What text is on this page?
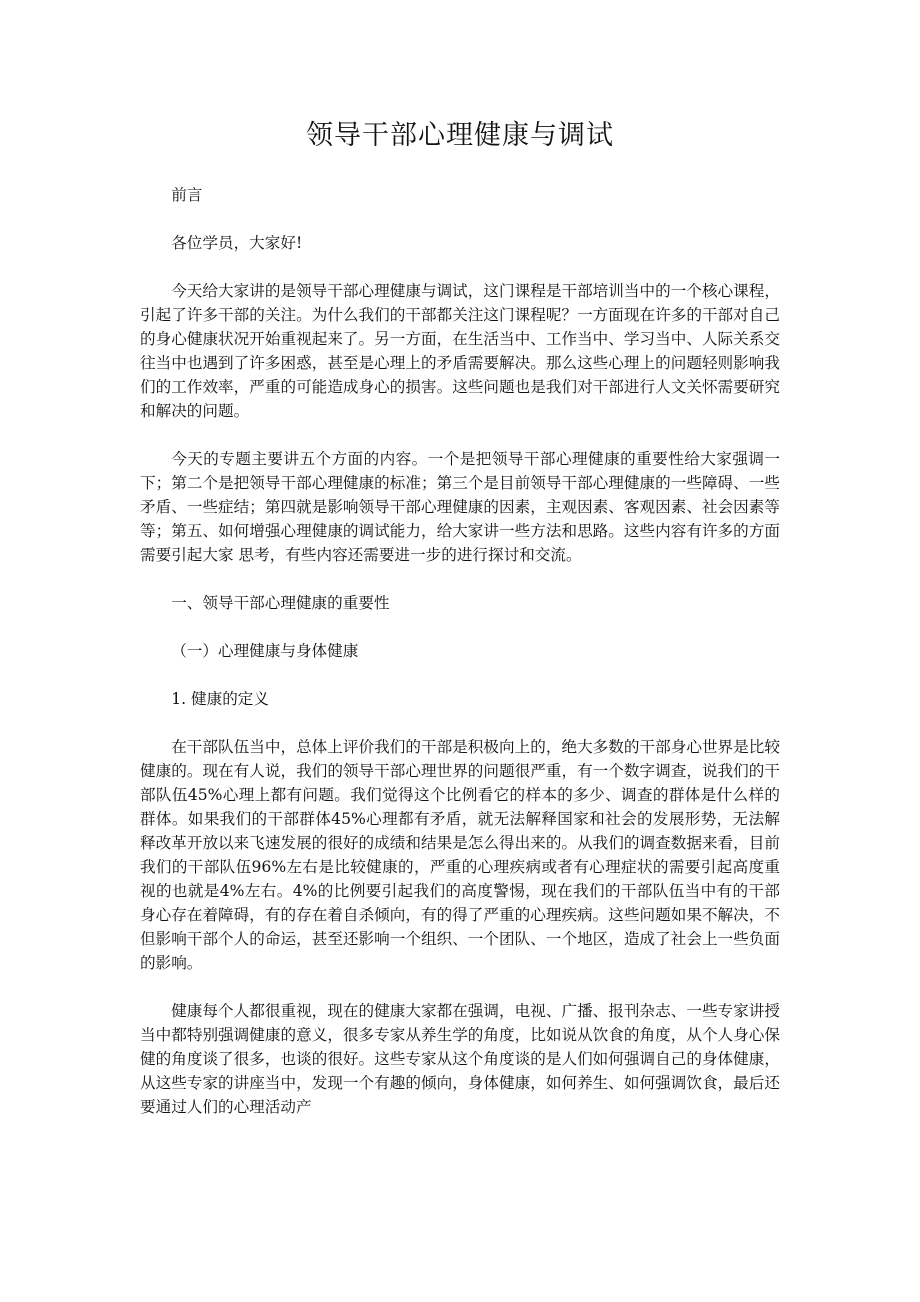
领导干部心理健康与调试

前言

各位学员，大家好!

今天给大家讲的是领导干部心理健康与调试，这门课程是干部培训当中的一个核心课程，引起了许多干部的关注。为什么我们的干部都关注这门课程呢？一方面现在许多的干部对自己的身心健康状况开始重视起来了。另一方面，在生活当中、工作当中、学习当中、人际关系交往当中也遇到了许多困惑，甚至是心理上的矛盾需要解决。那么这些心理上的问题轻则影响我们的工作效率，严重的可能造成身心的损害。这些问题也是我们对干部进行人文关怀需要研究和解决的问题。

今天的专题主要讲五个方面的内容。一个是把领导干部心理健康的重要性给大家强调一下；第二个是把领导干部心理健康的标准；第三个是目前领导干部心理健康的一些障碍、一些矛盾、一些症结；第四就是影响领导干部心理健康的因素，主观因素、客观因素、社会因素等等；第五、如何增强心理健康的调试能力，给大家讲一些方法和思路。这些内容有许多的方面需要引起大家 思考，有些内容还需要进一步的进行探讨和交流。

一、领导干部心理健康的重要性

（一）心理健康与身体健康

1. 健康的定义

在干部队伍当中，总体上评价我们的干部是积极向上的，绝大多数的干部身心世界是比较健康的。现在有人说，我们的领导干部心理世界的问题很严重，有一个数字调查，说我们的干部队伍45%心理上都有问题。我们觉得这个比例看它的样本的多少、调查的群体是什么样的群体。如果我们的干部群体45%心理都有矛盾，就无法解释国家和社会的发展形势，无法解释改革开放以来飞速发展的很好的成绩和结果是怎么得出来的。从我们的调查数据来看，目前我们的干部队伍96%左右是比较健康的，严重的心理疾病或者有心理症状的需要引起高度重视的也就是4%左右。4%的比例要引起我们的高度警惕，现在我们的干部队伍当中有的干部身心存在着障碍，有的存在着自杀倾向，有的得了严重的心理疾病。这些问题如果不解决，不但影响干部个人的命运，甚至还影响一个组织、一个团队、一个地区，造成了社会上一些负面的影响。

健康每个人都很重视，现在的健康大家都在强调，电视、广播、报刊杂志、一些专家讲授当中都特别强调健康的意义，很多专家从养生学的角度，比如说从饮食的角度，从个人身心保健的角度谈了很多，也谈的很好。这些专家从这个角度谈的是人们如何强调自己的身体健康，从这些专家的讲座当中，发现一个有趣的倾向，身体健康，如何养生、如何强调饮食，最后还要通过人们的心理活动产
